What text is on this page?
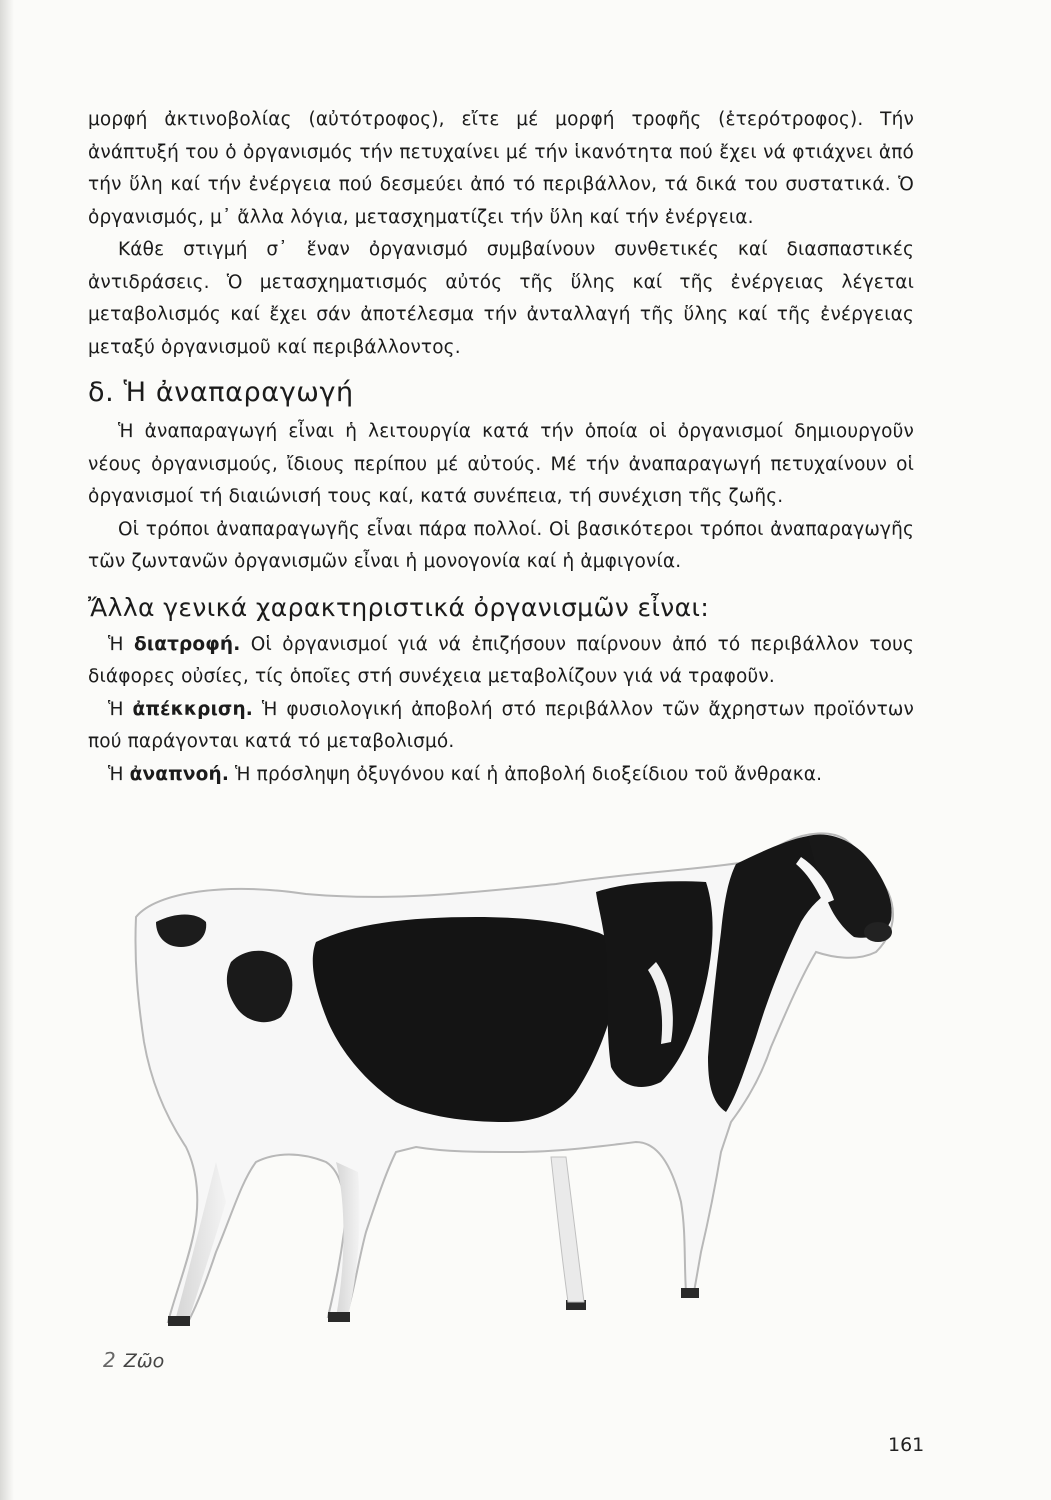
μορφή ἀκτινοβολίας (αὐτότροφος), εἴτε μέ μορφή τροφῆς (ἑτερότροφος). Τήν ἀνάπτυξή του ὁ ὀργανισμός τήν πετυχαίνει μέ τήν ἱκανότητα πού ἔχει νά φτιάχνει ἀπό τήν ὕλη καί τήν ἐνέργεια πού δεσμεύει ἀπό τό περιβάλλον, τά δικά του συστατικά. Ὁ ὀργανισμός, μ᾽ ἄλλα λόγια, μετασχηματίζει τήν ὕλη καί τήν ἐνέργεια.

Κάθε στιγμή σ᾽ ἕναν ὀργανισμό συμβαίνουν συνθετικές καί διασπαστικές ἀντιδράσεις. Ὁ μετασχηματισμός αὐτός τῆς ὕλης καί τῆς ἐνέργειας λέγεται μεταβολισμός καί ἔχει σάν ἀποτέλεσμα τήν ἀνταλλαγή τῆς ὕλης καί τῆς ἐνέργειας μεταξύ ὀργανισμοῦ καί περιβάλλοντος.

δ. Ἡ ἀναπαραγωγή

Ἡ ἀναπαραγωγή εἶναι ἡ λειτουργία κατά τήν ὁποία οἱ ὀργανισμοί δημιουργοῦν νέους ὀργανισμούς, ἴδιους περίπου μέ αὐτούς. Μέ τήν ἀναπαραγωγή πετυχαίνουν οἱ ὀργανισμοί τή διαιώνισή τους καί, κατά συνέπεια, τή συνέχιση τῆς ζωῆς.

Οἱ τρόποι ἀναπαραγωγῆς εἶναι πάρα πολλοί. Οἱ βασικότεροι τρόποι ἀναπαραγωγῆς τῶν ζωντανῶν ὀργανισμῶν εἶναι ἡ μονογονία καί ἡ ἀμφιγονία.

Ἄλλα γενικά χαρακτηριστικά ὀργανισμῶν εἶναι:

Ἡ διατροφή. Οἱ ὀργανισμοί γιά νά ἐπιζήσουν παίρνουν ἀπό τό περιβάλλον τους διάφορες οὐσίες, τίς ὁποῖες στή συνέχεια μεταβολίζουν γιά νά τραφοῦν.

Ἡ ἀπέκκριση. Ἡ φυσιολογική ἀποβολή στό περιβάλλον τῶν ἄχρηστων προϊόντων πού παράγονται κατά τό μεταβολισμό.

Ἡ ἀναπνοή. Ἡ πρόσληψη ὀξυγόνου καί ἡ ἀποβολή διοξείδιου τοῦ ἄνθρακα.

2 Ζῶο
161
